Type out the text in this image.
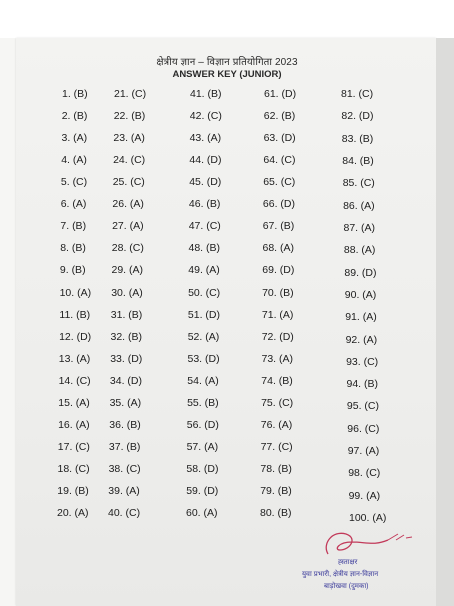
क्षेत्रीय ज्ञान – विज्ञान प्रतियोगिता 2023
ANSWER KEY (JUNIOR)
1. (B)	21. (C)	41. (B)	61. (D)	81. (C)
2. (B)	22. (B)	42. (C)	62. (B)	82. (D)
3. (A) 23. (A)	43. (A)	63. (D)	83. (B)
4. (A) 24. (C)	44. (D)	64. (C)	84. (B)
5. (C) 25. (C)	45. (D)	65. (C)	85. (C)
6. (A) 26. (A)	46. (B)	66. (D)	86. (A)
7. (B) 27. (A)	47. (C)	67. (B)	87. (A)
8. (B) 28. (C)	48. (B)	68. (A)	88. (A)
9. (B) 29. (A)	49. (A)	69. (D)	89. (D)
10. (A) 30. (A)	50. (C)	70. (B)	90. (A)
11. (B) 31. (B)	51. (D)	71. (A)	91. (A)
12. (D) 32. (B)	52. (A)	72. (D)	92. (A)
13. (A) 33. (D)	53. (D)	73. (A)	93. (C)
14. (C) 34. (D)	54. (A)	74. (B)	94. (B)
15. (A) 35. (A)	55. (B)	75. (C)	95. (C)
16. (A) 36. (B)	56. (D)	76. (A)	96. (C)
17. (C) 37. (B)	57. (A)	77. (C)	97. (A)
18. (C) 38. (C)	58. (D)	78. (B)	98. (C)
19. (B) 39. (A)	59. (D)	79. (B)	99. (A)
20. (A) 40. (C)	60. (A)	80. (B)	100. (A)
ह्स्ताक्षर
युवा प्रभारी, क्षेत्रीय ज्ञान-विज्ञान
बाड़ोखवा (दुमका)
